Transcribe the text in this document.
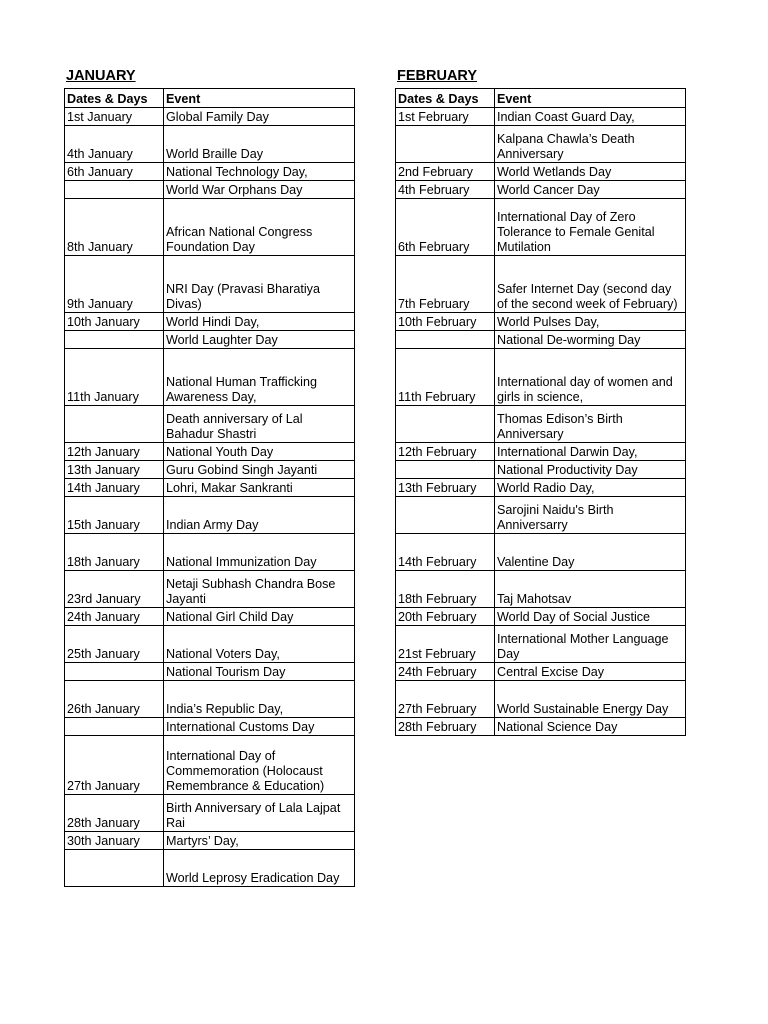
JANUARY
Dates & Days	Event
1st January	Global Family Day
4th January	World Braille Day
6th January	National Technology Day,
	World War Orphans Day
8th January	African National Congress Foundation Day
9th January	NRI Day (Pravasi Bharatiya Divas)
10th January	World Hindi Day,
	World Laughter Day
11th January	National Human Trafficking Awareness Day,
	Death anniversary of Lal Bahadur Shastri
12th January	National Youth Day
13th January	Guru Gobind Singh Jayanti
14th January	Lohri, Makar Sankranti
15th January	Indian Army Day
18th January	National Immunization Day
23rd January	Netaji Subhash Chandra Bose Jayanti
24th January	National Girl Child Day
25th January	National Voters Day,
	National Tourism Day
26th January	India’s Republic Day,
	International Customs Day
27th January	International Day of Commemoration (Holocaust Remembrance & Education)
28th January	Birth Anniversary of Lala Lajpat Rai
30th January	Martyrs’ Day,
	World Leprosy Eradication Day
FEBRUARY
Dates & Days	Event
1st February	Indian Coast Guard Day,
	Kalpana Chawla’s Death Anniversary
2nd February	World Wetlands Day
4th February	World Cancer Day
6th February	International Day of Zero Tolerance to Female Genital Mutilation
7th February	Safer Internet Day (second day of the second week of February)
10th February	World Pulses Day,
	National De-worming Day
11th February	International day of women and girls in science,
	Thomas Edison’s Birth Anniversary
12th February	International Darwin Day,
	National Productivity Day
13th February	World Radio Day,
	Sarojini Naidu's Birth Anniversarry
14th February	Valentine Day
18th February	Taj Mahotsav
20th February	World Day of Social Justice
21st February	International Mother Language Day
24th February	Central Excise Day
27th February	World Sustainable Energy Day
28th February	National Science Day
